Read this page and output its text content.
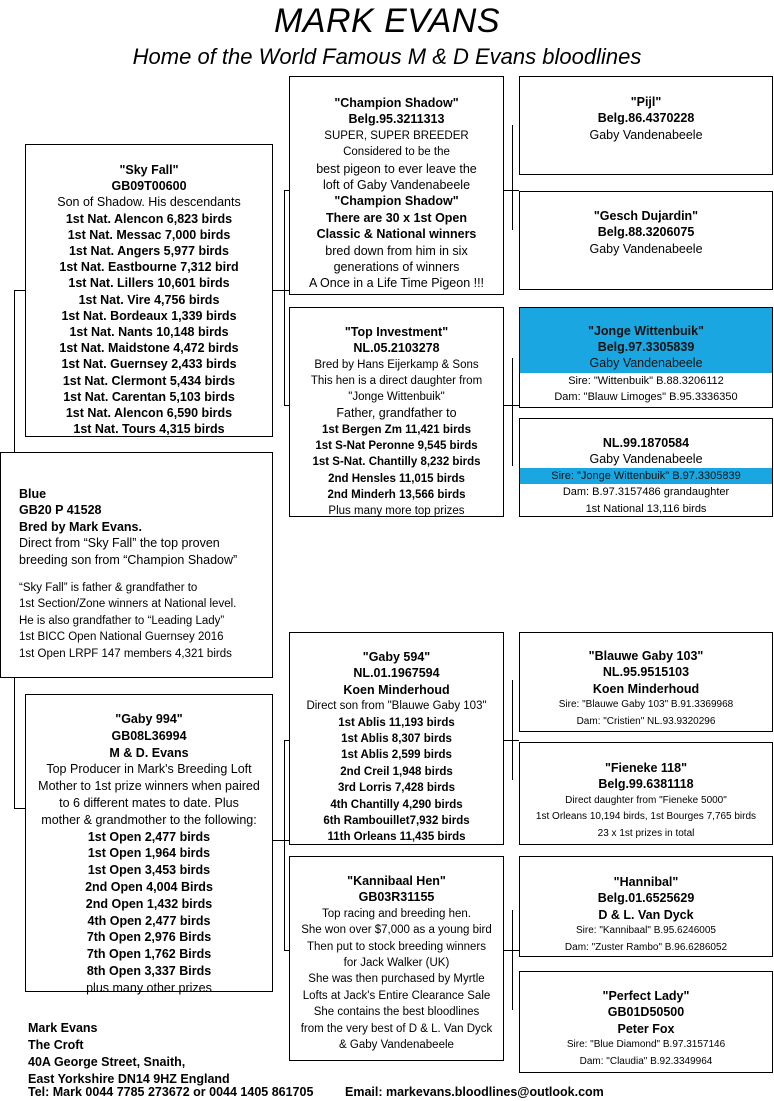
MARK EVANS
Home of the World Famous M & D Evans bloodlines
"Sky Fall"
GB09T00600
Son of Shadow. His descendants
1st Nat. Alencon 6,823 birds
1st Nat. Messac 7,000 birds
1st Nat. Angers 5,977 birds
1st Nat. Eastbourne 7,312 bird
1st Nat. Lillers 10,601 birds
1st Nat. Vire 4,756 birds
1st Nat. Bordeaux 1,339 birds
1st Nat. Nants 10,148 birds
1st Nat. Maidstone 4,472 birds
1st Nat. Guernsey 2,433 birds
1st Nat. Clermont 5,434 birds
1st Nat. Carentan 5,103 birds
1st Nat. Alencon 6,590 birds
1st Nat. Tours 4,315 birds
Blue
GB20 P 41528
Bred by Mark Evans.
Direct from “Sky Fall” the top proven
breeding son from “Champion Shadow”
“Sky Fall” is father & grandfather to
1st Section/Zone winners at National level.
He is also grandfather to “Leading Lady”
1st BICC Open National Guernsey 2016
1st Open LRPF 147 members 4,321 birds
"Gaby 994"
GB08L36994
M & D. Evans
Top Producer in Mark's Breeding Loft
Mother to 1st prize winners when paired
to 6 different mates to date. Plus
mother & grandmother to the following:
1st Open 2,477 birds
1st Open 1,964 birds
1st Open 3,453 birds
2nd Open 4,004 Birds
2nd Open 1,432 birds
4th Open 2,477 birds
7th Open 2,976 Birds
7th Open 1,762 Birds
8th Open 3,337 Birds
plus many other prizes
"Champion Shadow"
Belg.95.3211313
SUPER, SUPER BREEDER
Considered to be the
best pigeon to ever leave the
loft of Gaby Vandenabeele
"Champion Shadow"
There are 30 x 1st Open
Classic & National winners
bred down from him in six
generations of winners
A Once in a Life Time Pigeon !!!
"Top Investment"
NL.05.2103278
Bred by Hans Eijerkamp & Sons
This hen is a direct daughter from
"Jonge Wittenbuik"
Father, grandfather to
1st Bergen Zm 11,421 birds
1st S-Nat Peronne 9,545 birds
1st S-Nat. Chantilly 8,232 birds
2nd Hensles 11,015 birds
2nd Minderh 13,566 birds
Plus many more top prizes
"Gaby 594"
NL.01.1967594
Koen Minderhoud
Direct son from "Blauwe Gaby 103"
1st Ablis 11,193 birds
1st Ablis 8,307 birds
1st Ablis 2,599 birds
2nd Creil 1,948 birds
3rd Lorris 7,428 birds
4th Chantilly 4,290 birds
6th Rambouillet7,932 birds
11th Orleans 11,435 birds
"Kannibaal Hen"
GB03R31155
Top racing and breeding hen.
She won over $7,000 as a young bird
Then put to stock breeding winners
for Jack Walker (UK)
She was then purchased by Myrtle
Lofts at Jack's Entire Clearance Sale
She contains the best bloodlines
from the very best of D & L. Van Dyck
& Gaby Vandenabeele
"Pijl"
Belg.86.4370228
Gaby Vandenabeele
"Gesch Dujardin"
Belg.88.3206075
Gaby Vandenabeele
"Jonge Wittenbuik"
Belg.97.3305839
Gaby Vandenabeele
Sire: "Wittenbuik" B.88.3206112
Dam: "Blauw Limoges" B.95.3336350
NL.99.1870584
Gaby Vandenabeele
Sire: "Jonge Wittenbuik" B.97.3305839
Dam: B.97.3157486 grandaughter
1st National 13,116 birds
"Blauwe Gaby 103"
NL.95.9515103
Koen Minderhoud
Sire: "Blauwe Gaby 103" B.91.3369968
Dam: "Cristien" NL.93.9320296
"Fieneke 118"
Belg.99.6381118
Direct daughter from "Fieneke 5000"
1st Orleans 10,194 birds, 1st Bourges 7,765 birds
23 x 1st prizes in total
"Hannibal"
Belg.01.6525629
D & L. Van Dyck
Sire: "Kannibaal" B.95.6246005
Dam: "Zuster Rambo" B.96.6286052
"Perfect Lady"
GB01D50500
Peter Fox
Sire: "Blue Diamond" B.97.3157146
Dam: "Claudia" B.92.3349964
Mark Evans
The Croft
40A George Street, Snaith,
East Yorkshire DN14 9HZ England
Tel: Mark 0044 7785 273672 or 0044 1405 861705	Email: markevans.bloodlines@outlook.com
